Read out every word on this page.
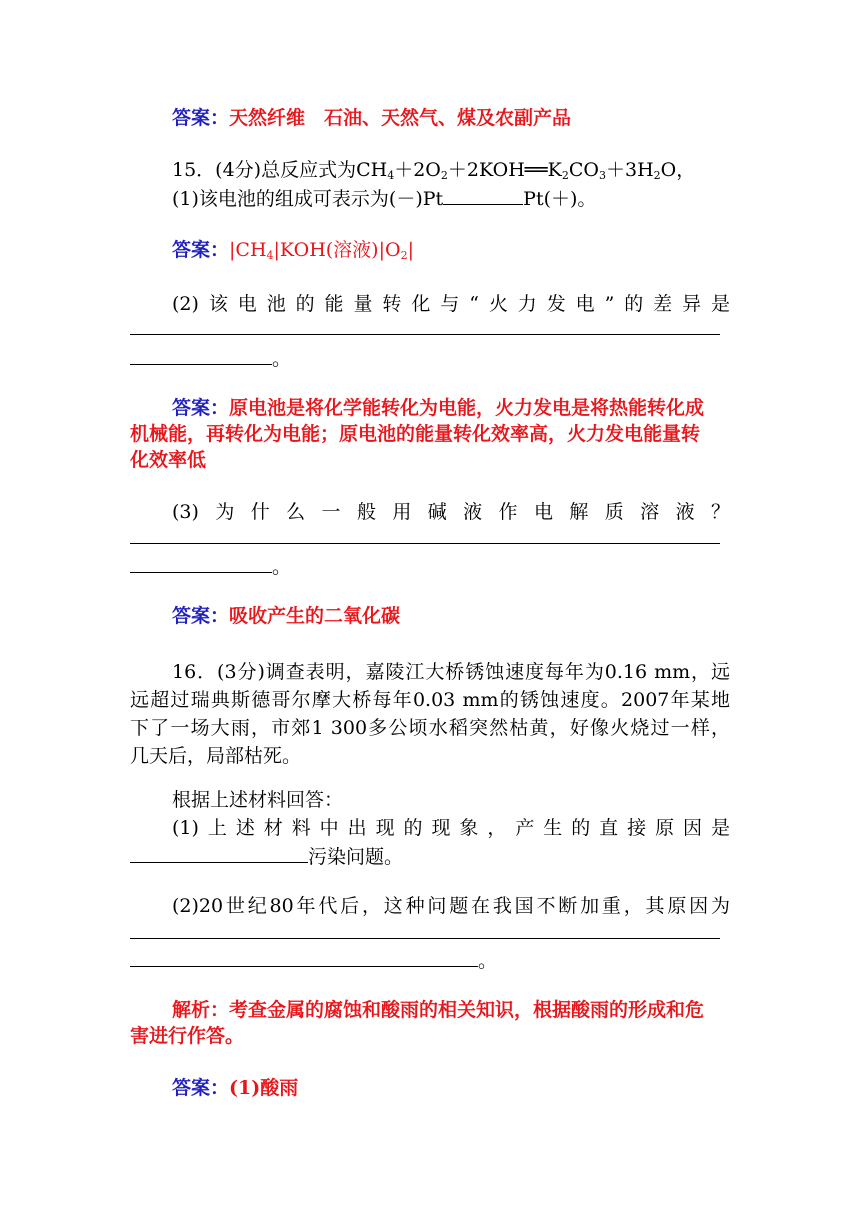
答案：天然纤维　石油、天然气、煤及农副产品
15．(4分)总反应式为$CH_4+2O_2+2KOH══K_2CO_3+3H_2O$，
(1)该电池的组成可表示为(－)Pt	Pt(＋)。
答案：$|CH_4|KOH$(溶液)$|O_2|$
(2)该电池的能量转化与“火力发电”的差异是
。
答案：原电池是将化学能转化为电能，火力发电是将热能转化成
机械能，再转化为电能；原电池的能量转化效率高，火力发电能量转
化效率低
(3)为什么一般用碱液作电解质溶液？
。
答案：吸收产生的二氧化碳
16．(3分)调查表明，嘉陵江大桥锈蚀速度每年为0.16 mm，远
远超过瑞典斯德哥尔摩大桥每年0.03 mm的锈蚀速度。2007年某地
下了一场大雨，市郊1 300多公顷水稻突然枯黄，好像火烧过一样，
几天后，局部枯死。
根据上述材料回答：
(1)上述材料中出现的现象，产生的直接原因是
污染问题。
(2)20世纪80年代后，这种问题在我国不断加重，其原因为
。
解析：考查金属的腐蚀和酸雨的相关知识，根据酸雨的形成和危
害进行作答。
答案：(1)酸雨
